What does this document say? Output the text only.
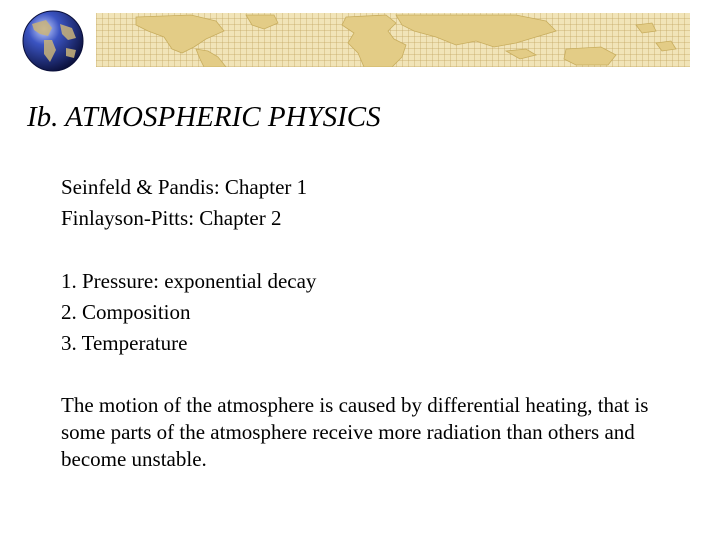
Ib. ATMOSPHERIC PHYSICS
Seinfeld & Pandis: Chapter 1
Finlayson-Pitts: Chapter 2
1. Pressure: exponential decay
2. Composition
3. Temperature
The motion of the atmosphere is caused by differential heating, that is some parts of the atmosphere receive more radiation than others and become unstable.
